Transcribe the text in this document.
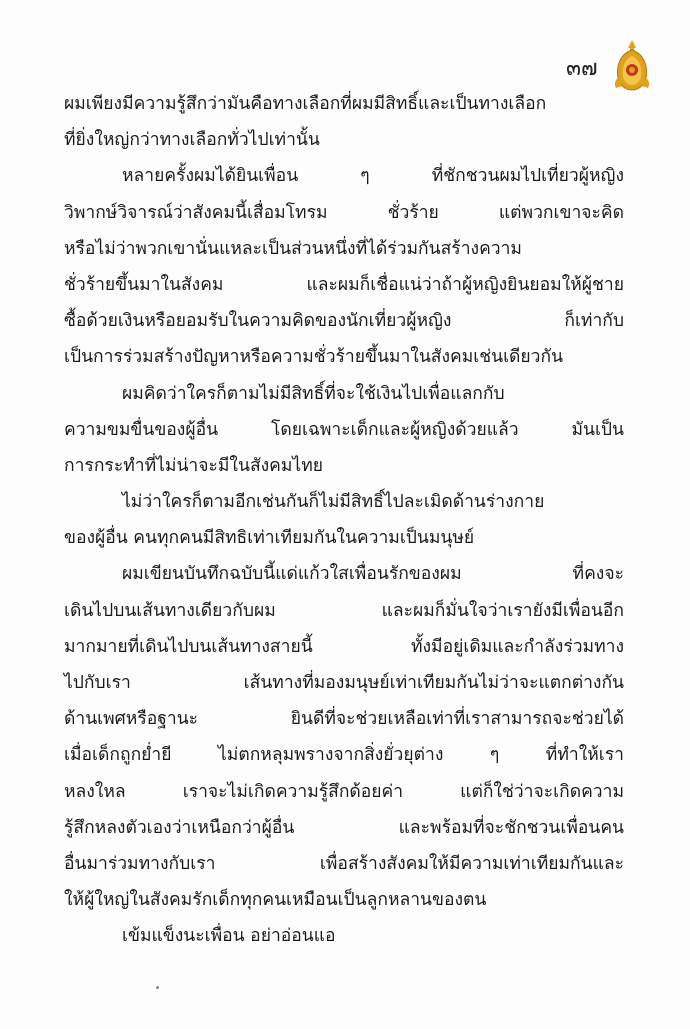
๓๗
ผมเพียงมีความรู้สึกว่ามันคือทางเลือกที่ผมมีสิทธิ์และเป็นทางเลือก
ที่ยิ่งใหญ่กว่าทางเลือกทั่วไปเท่านั้น
หลายครั้งผมได้ยินเพื่อน ๆ ที่ชักชวนผมไปเที่ยวผู้หญิง
วิพากษ์วิจารณ์ว่าสังคมนี้เสื่อมโทรม ชั่วร้าย แต่พวกเขาจะคิด
หรือไม่ว่าพวกเขานั่นแหละเป็นส่วนหนึ่งที่ได้ร่วมกันสร้างความ
ชั่วร้ายขึ้นมาในสังคม และผมก็เชื่อแน่ว่าถ้าผู้หญิงยินยอมให้ผู้ชาย
ซื้อด้วยเงินหรือยอมรับในความคิดของนักเที่ยวผู้หญิง ก็เท่ากับ
เป็นการร่วมสร้างปัญหาหรือความชั่วร้ายขึ้นมาในสังคมเช่นเดียวกัน
ผมคิดว่าใครก็ตามไม่มีสิทธิ์ที่จะใช้เงินไปเพื่อแลกกับ
ความขมขื่นของผู้อื่น โดยเฉพาะเด็กและผู้หญิงด้วยแล้ว มันเป็น
การกระทำที่ไม่น่าจะมีในสังคมไทย
ไม่ว่าใครก็ตามอีกเช่นกันก็ไม่มีสิทธิ์ไปละเมิดด้านร่างกาย
ของผู้อื่น คนทุกคนมีสิทธิเท่าเทียมกันในความเป็นมนุษย์
ผมเขียนบันทึกฉบับนี้แด่แก้วใสเพื่อนรักของผม ที่คงจะ
เดินไปบนเส้นทางเดียวกับผม และผมก็มั่นใจว่าเรายังมีเพื่อนอีก
มากมายที่เดินไปบนเส้นทางสายนี้ ทั้งมีอยู่เดิมและกำลังร่วมทาง
ไปกับเรา เส้นทางที่มองมนุษย์เท่าเทียมกันไม่ว่าจะแตกต่างกัน
ด้านเพศหรือฐานะ ยินดีที่จะช่วยเหลือเท่าที่เราสามารถจะช่วยได้
เมื่อเด็กถูกย่ำยี ไม่ตกหลุมพรางจากสิ่งยั่วยุต่าง ๆ ที่ทำให้เรา
หลงใหล เราจะไม่เกิดความรู้สึกด้อยค่า แต่ก็ใช่ว่าจะเกิดความ
รู้สึกหลงตัวเองว่าเหนือกว่าผู้อื่น และพร้อมที่จะชักชวนเพื่อนคน
อื่นมาร่วมทางกับเรา เพื่อสร้างสังคมให้มีความเท่าเทียมกันและ
ให้ผู้ใหญ่ในสังคมรักเด็กทุกคนเหมือนเป็นลูกหลานของตน
เข้มแข็งนะเพื่อน อย่าอ่อนแอ
